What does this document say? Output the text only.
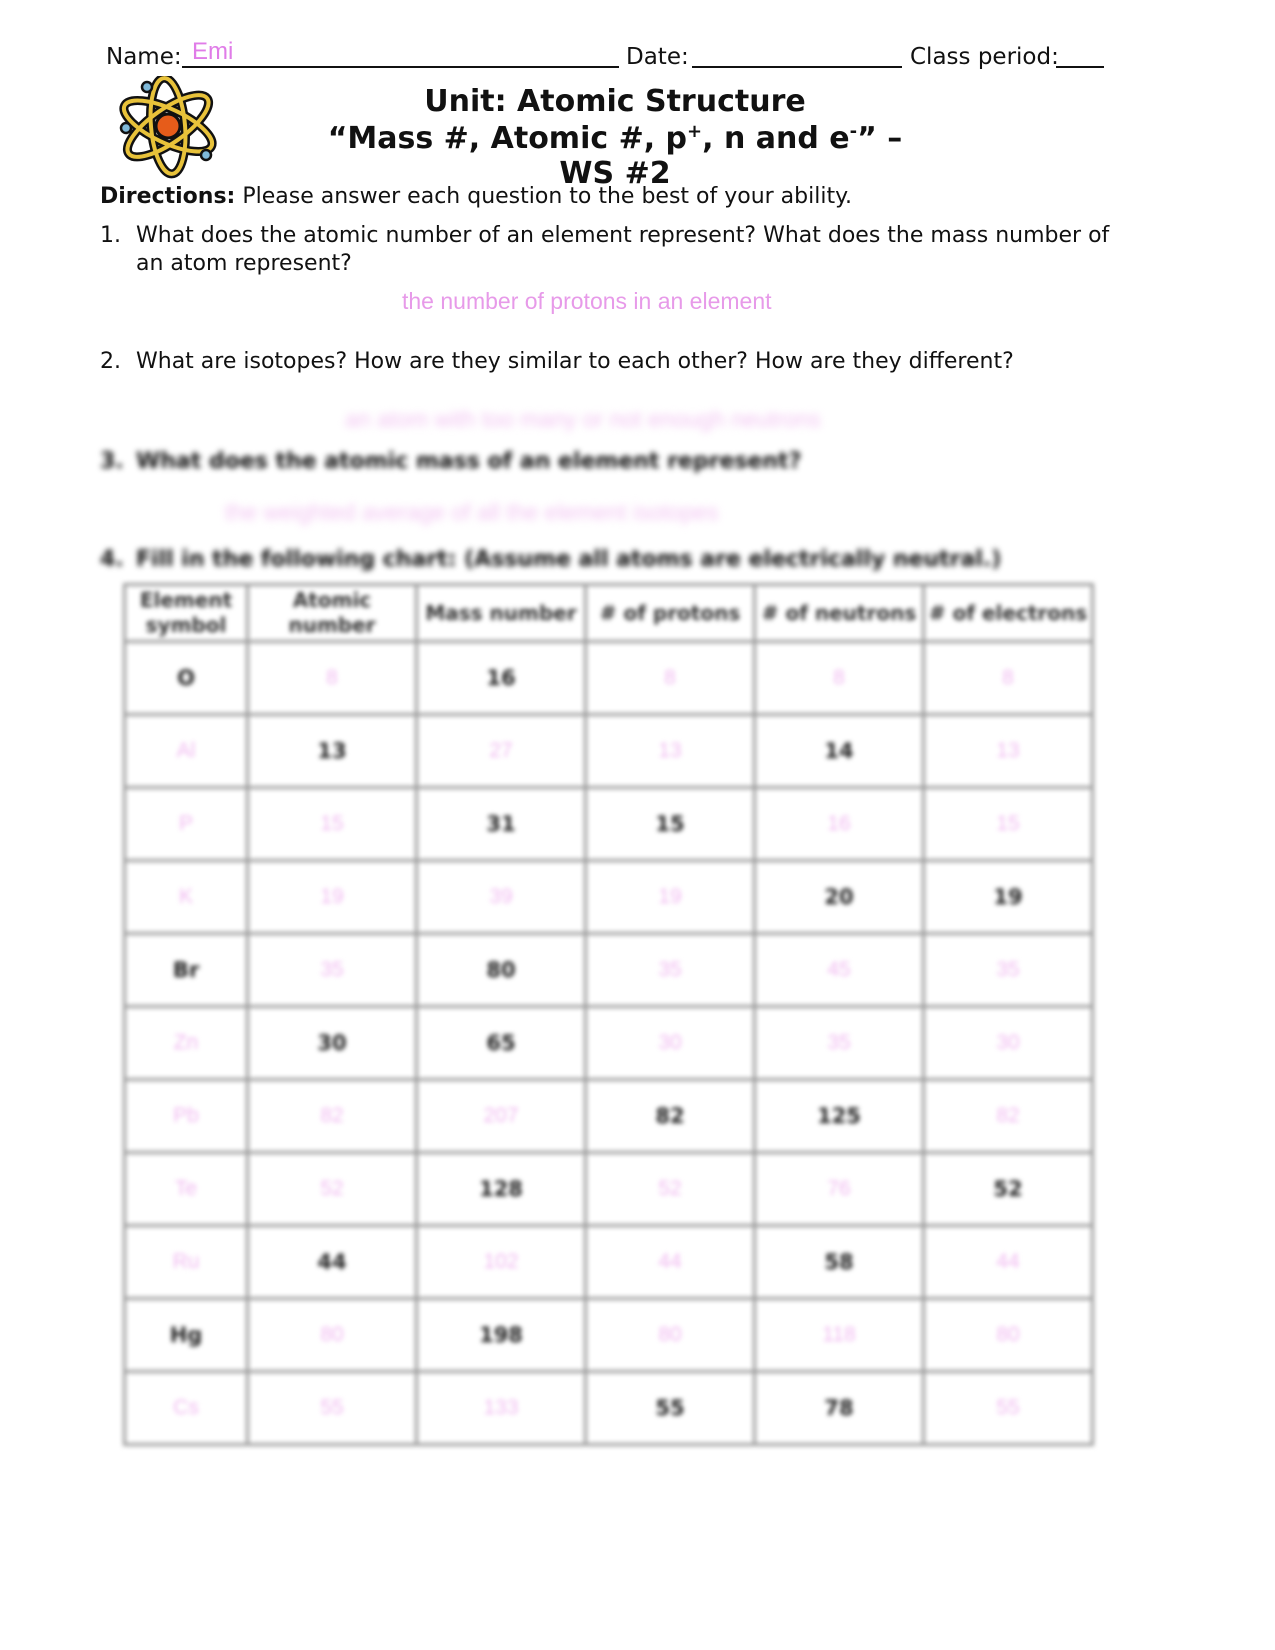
Name: Emi	Date:	Class period:
Unit: Atomic Structure
“Mass #, Atomic #, p+, n and e-” – WS #2
Directions: Please answer each question to the best of your ability.
1. What does the atomic number of an element represent? What does the mass number of an atom represent?
the number of protons in an element
2. What are isotopes? How are they similar to each other? How are they different?
an atom with too many or not enough neutrons
3. What does the atomic mass of an element represent?
the weighted average of all the element isotopes
4. Fill in the following chart: (Assume all atoms are electrically neutral.)
Element symbol	Atomic number	Mass number	# of protons	# of neutrons	# of electrons
O	8	16	8	8	8
Al	13	27	13	14	13
P	15	31	15	16	15
K	19	39	19	20	19
Br	35	80	35	45	35
Zn	30	65	30	35	30
Pb	82	207	82	125	82
Te	52	128	52	76	52
Ru	44	102	44	58	44
Hg	80	198	80	118	80
Cs	55	133	55	78	55
